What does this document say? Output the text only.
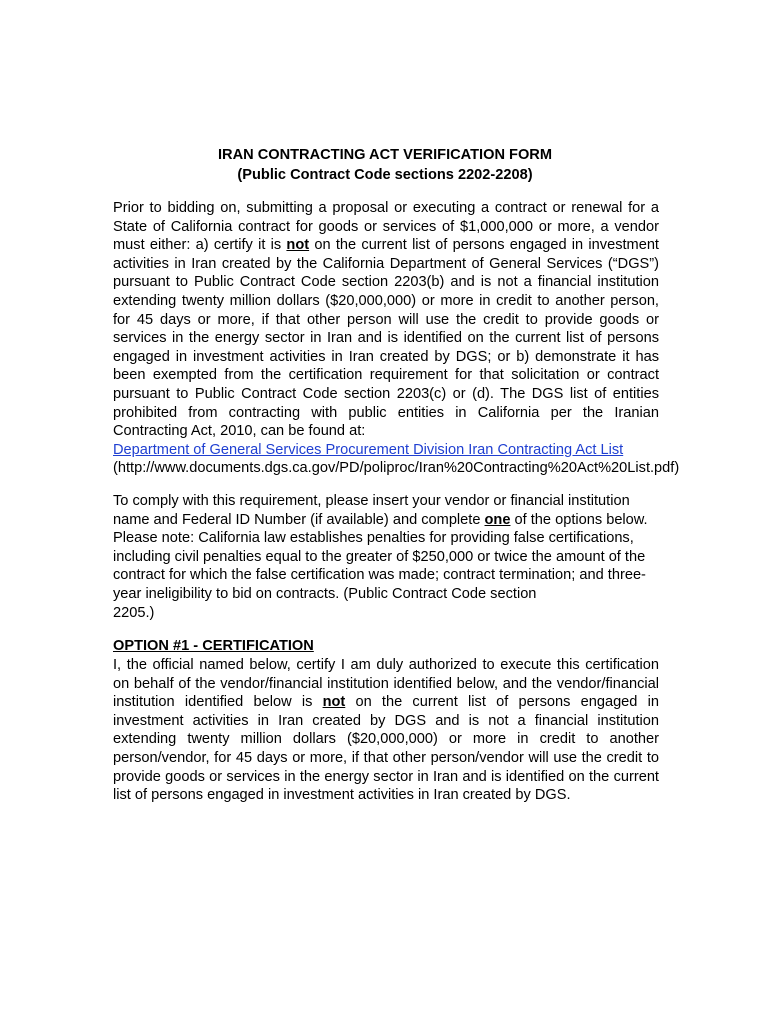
IRAN CONTRACTING ACT VERIFICATION FORM
(Public Contract Code sections 2202-2208)
Prior to bidding on, submitting a proposal or executing a contract or renewal for a State of California contract for goods or services of $1,000,000 or more, a vendor must either: a) certify it is not on the current list of persons engaged in investment activities in Iran created by the California Department of General Services (“DGS”) pursuant to Public Contract Code section 2203(b) and is not a financial institution extending twenty million dollars ($20,000,000) or more in credit to another person, for 45 days or more, if that other person will use the credit to provide goods or services in the energy sector in Iran and is identified on the current list of persons engaged in investment activities in Iran created by DGS; or b) demonstrate it has been exempted from the certification requirement for that solicitation or contract pursuant to Public Contract Code section 2203(c) or (d). The DGS list of entities prohibited from contracting with public entities in California per the Iranian Contracting Act, 2010, can be found at:
Department of General Services Procurement Division Iran Contracting Act List
(http://www.documents.dgs.ca.gov/PD/poliproc/Iran%20Contracting%20Act%20List.pdf)
To comply with this requirement, please insert your vendor or financial institution name and Federal ID Number (if available) and complete one of the options below. Please note: California law establishes penalties for providing false certifications, including civil penalties equal to the greater of $250,000 or twice the amount of the contract for which the false certification was made; contract termination; and three-year ineligibility to bid on contracts. (Public Contract Code section
2205.)
OPTION #1 - CERTIFICATION
I, the official named below, certify I am duly authorized to execute this certification on behalf of the vendor/financial institution identified below, and the vendor/financial institution identified below is not on the current list of persons engaged in investment activities in Iran created by DGS and is not a financial institution extending twenty million dollars ($20,000,000) or more in credit to another person/vendor, for 45 days or more, if that other person/vendor will use the credit to provide goods or services in the energy sector in Iran and is identified on the current list of persons engaged in investment activities in Iran created by DGS.
